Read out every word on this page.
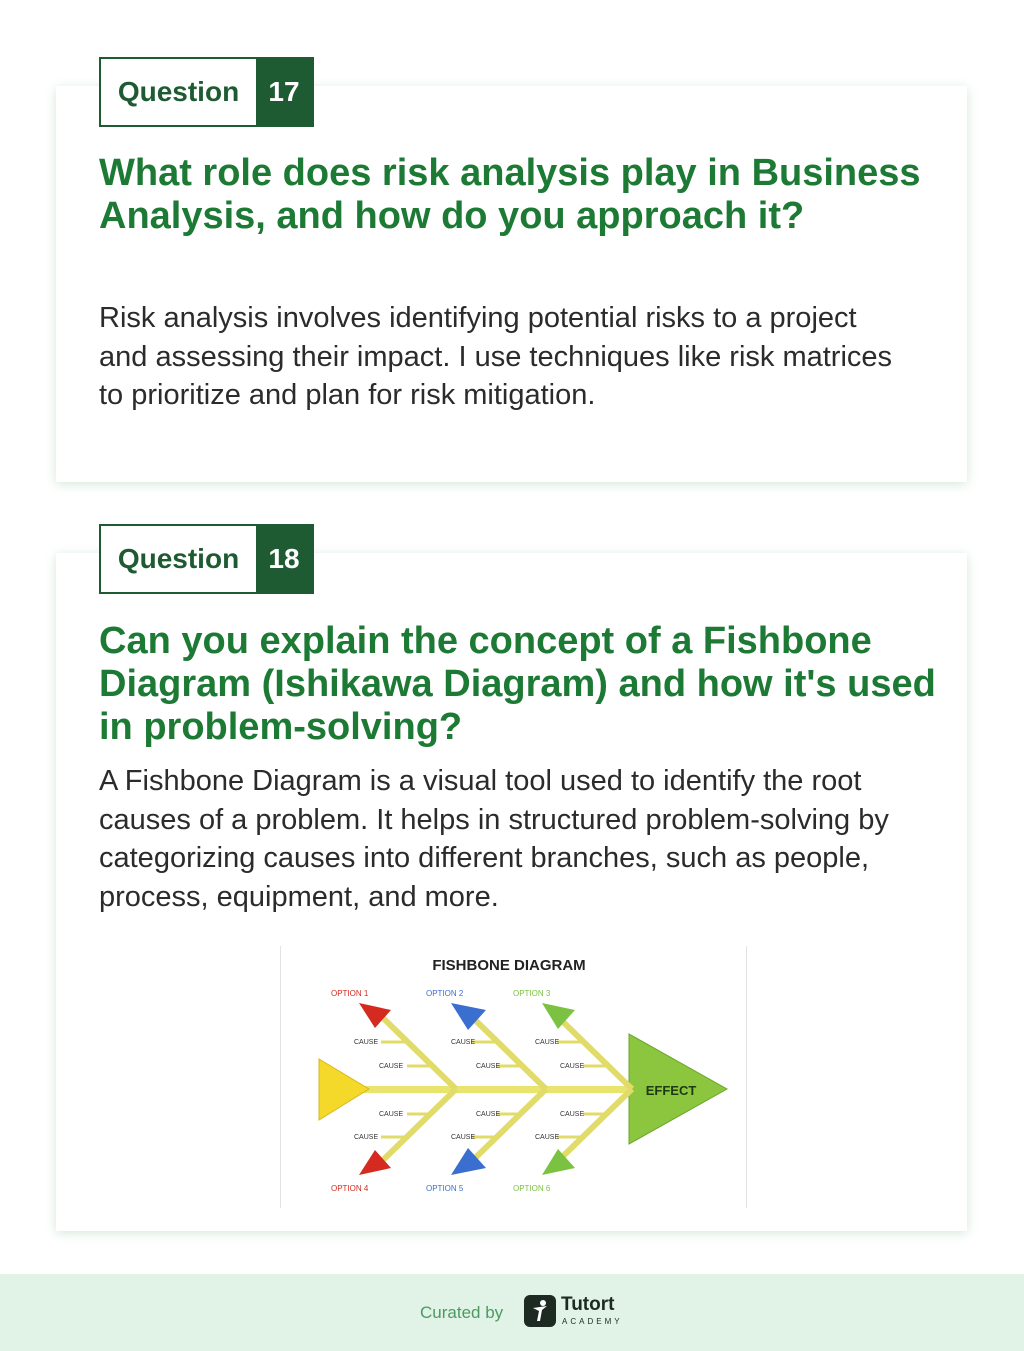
Question	17
What role does risk analysis play in Business Analysis, and how do you approach it?

Risk analysis involves identifying potential risks to a project and assessing their impact. I use techniques like risk matrices to prioritize and plan for risk mitigation.

Question	18
Can you explain the concept of a Fishbone Diagram (Ishikawa Diagram) and how it's used in problem-solving?

A Fishbone Diagram is a visual tool used to identify the root causes of a problem. It helps in structured problem-solving by categorizing causes into different branches, such as people, process, equipment, and more.

FISHBONE DIAGRAM
EFFECT
OPTION 1	OPTION 2	OPTION 3
OPTION 4	OPTION 5	OPTION 6
CAUSE
CAUSE
CAUSE
CAUSE
CAUSE
CAUSE
CAUSE
CAUSE
CAUSE
CAUSE
CAUSE
CAUSE
Curated by	Tutort
ACADEMY
